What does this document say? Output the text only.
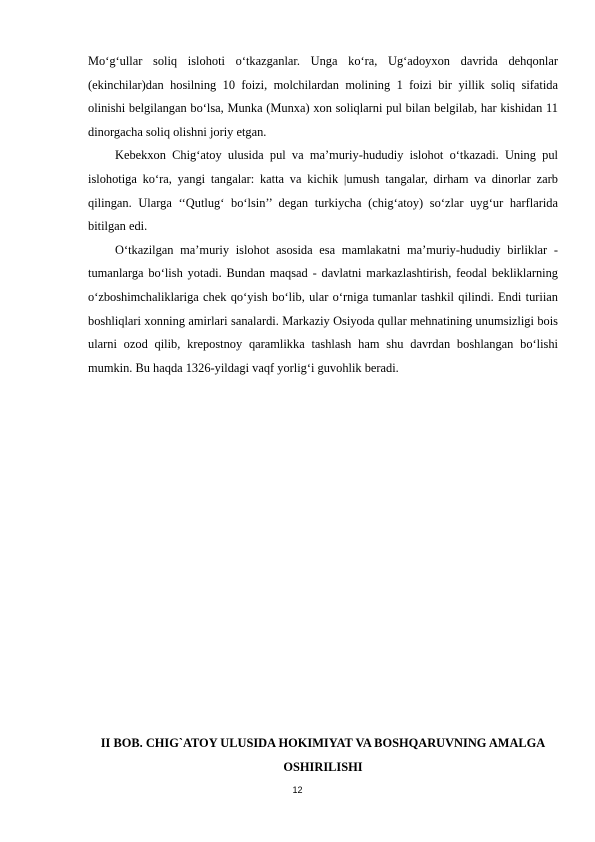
Mo‘g‘ullar soliq islohoti o‘tkazganlar. Unga ko‘ra, Ug‘adoyxon davrida dehqonlar (ekinchilar)dan hosilning 10 foizi, molchilardan molining 1 foizi bir yillik soliq sifatida olinishi belgilangan bo‘lsa, Munka (Munxa) xon soliqlarni pul bilan belgilab, har kishidan 11 dinorgacha soliq olishni joriy etgan.

Kebekxon Chig‘atoy ulusida pul va ma’muriy-hududiy islohot o‘tkazadi. Uning pul islohotiga ko‘ra, yangi tangalar: katta va kichik |umush tangalar, dirham va dinorlar zarb qilingan. Ularga ‘‘Qutlug‘ bo‘lsin’’ degan turkiycha (chig‘atoy) so‘zlar uyg‘ur harflarida bitilgan edi.

O‘tkazilgan ma’muriy islohot asosida esa mamlakatni ma’muriy-hududiy birliklar - tumanlarga bo‘lish yotadi. Bundan maqsad - davlatni markazlashtirish, feodal bekliklarning o‘zboshimchaliklariga chek qo‘yish bo‘lib, ular o‘rniga tumanlar tashkil qilindi. Endi turiian boshliqlari xonning amirlari sanalardi. Markaziy Osiyoda qullar mehnatining unumsizligi bois ularni ozod qilib, krepostnoy qaramlikka tashlash ham shu davrdan boshlangan bo‘lishi mumkin. Bu haqda 1326-yildagi vaqf yorlig‘i guvohlik beradi.

II BOB. CHIG`ATOY ULUSIDA HOKIMIYAT VA BOSHQARUVNING AMALGA OSHIRILISHI
12
